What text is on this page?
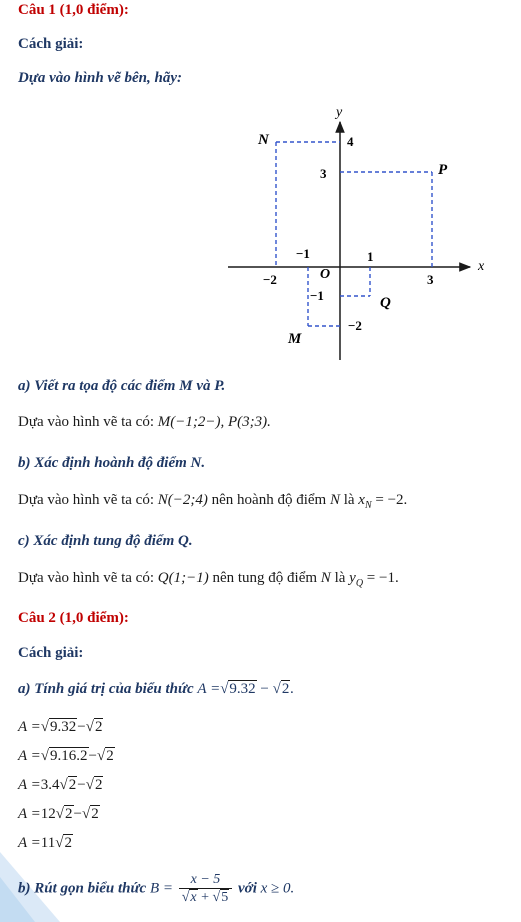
Câu 1 (1,0 điểm):
Cách giải:
Dựa vào hình vẽ bên, hãy:
x
y
O
−2
−1	1
3
4
3
−1
−2
N
P
M
Q
a) Viết ra tọa độ các điểm M và P.
Dựa vào hình vẽ ta có: M(−1;2−), P(3;3).
b) Xác định hoành độ điểm N.
Dựa vào hình vẽ ta có: N(−2;4) nên hoành độ điểm N là $x_N = -2$.
c) Xác định tung độ điểm Q.
Dựa vào hình vẽ ta có: Q(1;−1) nên tung độ điểm N là $y_Q = -1$.
Câu 2 (1,0 điểm):
Cách giải:
a) Tính giá trị của biểu thức A =√9.32 − √2.
A =√9.32−√2
A =√9.16.2−√2
A =3.4√2−√2
A =12√2−√2
A =11√2
b) Rút gọn biểu thức $B = \frac{x - 5}{√x + √5}$ với x ≥ 0.
